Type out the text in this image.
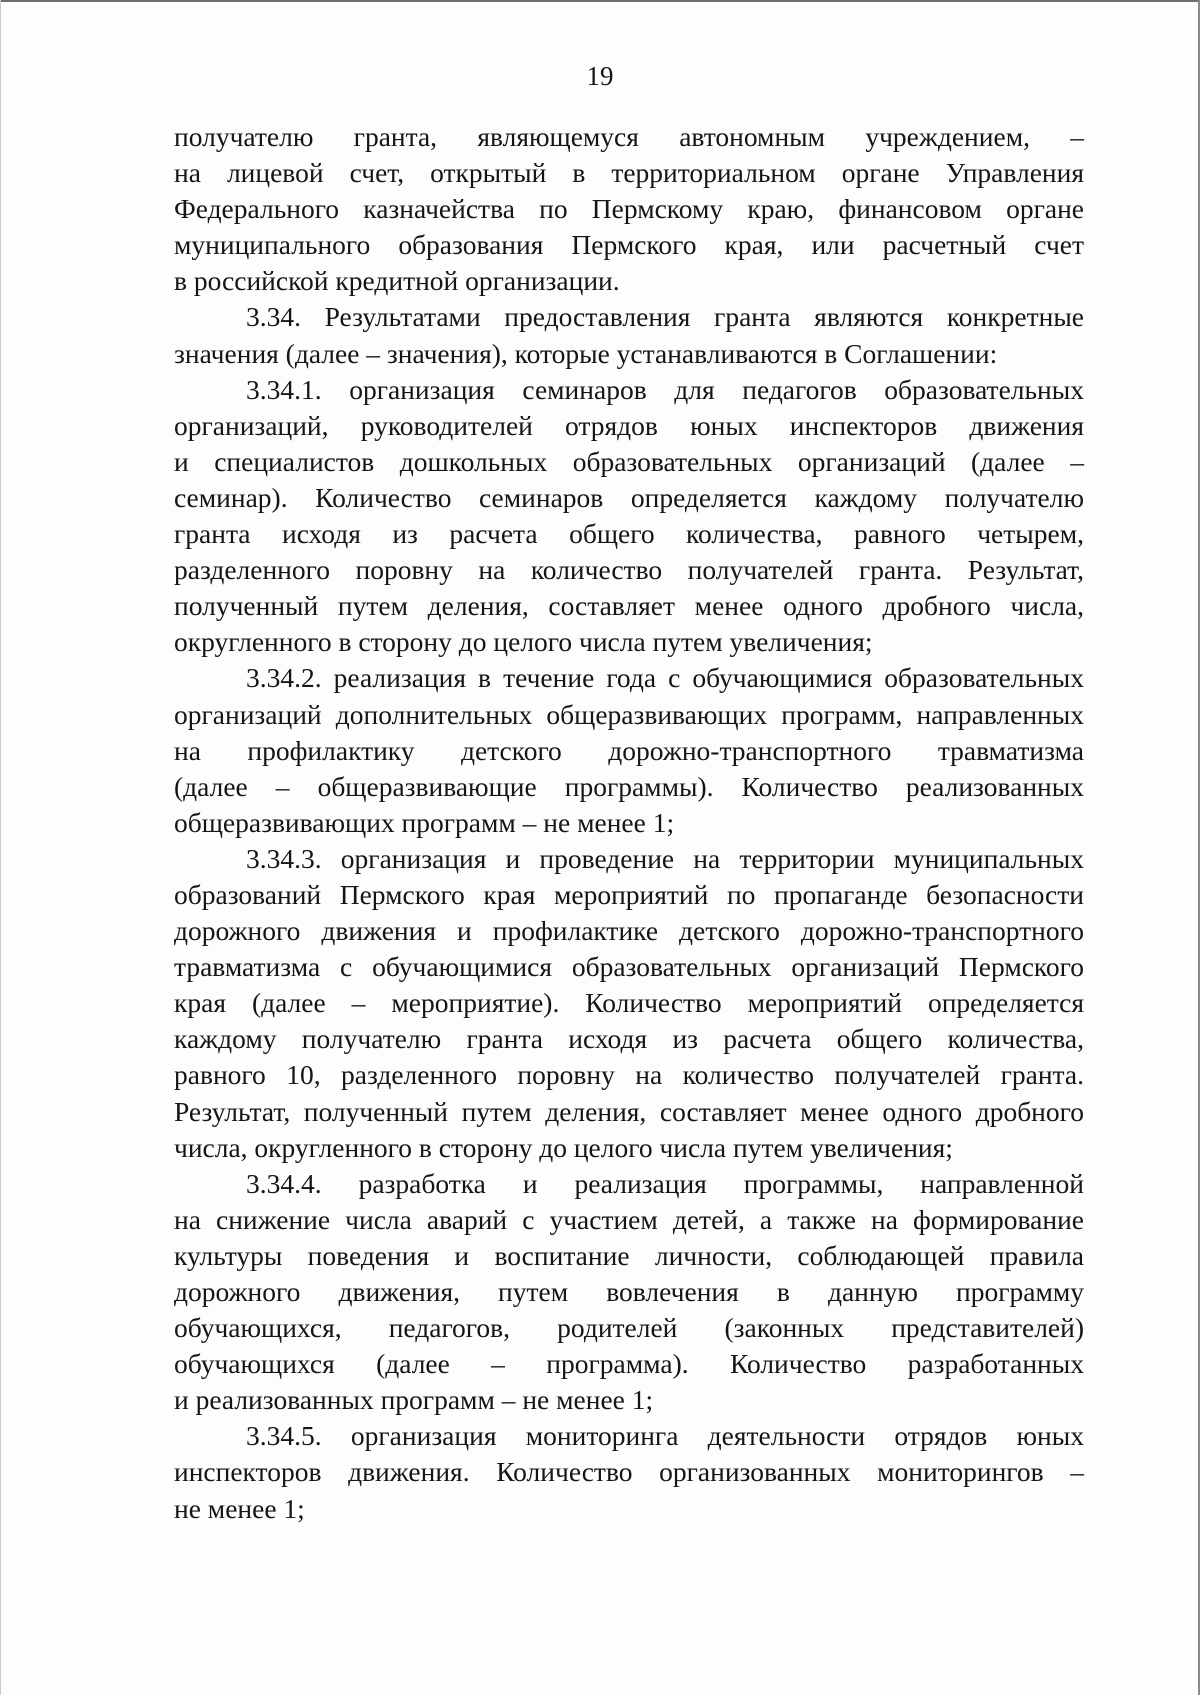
19
получателю гранта, являющемуся автономным учреждением, –
на лицевой счет, открытый в территориальном органе Управления
Федерального казначейства по Пермскому краю, финансовом органе
муниципального образования Пермского края, или расчетный счет
в российской кредитной организации.
3.34. Результатами предоставления гранта являются конкретные
значения (далее – значения), которые устанавливаются в Соглашении:
3.34.1. организация семинаров для педагогов образовательных
организаций, руководителей отрядов юных инспекторов движения
и специалистов дошкольных образовательных организаций (далее –
семинар). Количество семинаров определяется каждому получателю
гранта исходя из расчета общего количества, равного четырем,
разделенного поровну на количество получателей гранта. Результат,
полученный путем деления, составляет менее одного дробного числа,
округленного в сторону до целого числа путем увеличения;
3.34.2. реализация в течение года с обучающимися образовательных
организаций дополнительных общеразвивающих программ, направленных
на профилактику детского дорожно-транспортного травматизма
(далее – общеразвивающие программы). Количество реализованных
общеразвивающих программ – не менее 1;
3.34.3. организация и проведение на территории муниципальных
образований Пермского края мероприятий по пропаганде безопасности
дорожного движения и профилактике детского дорожно-транспортного
травматизма с обучающимися образовательных организаций Пермского
края (далее – мероприятие). Количество мероприятий определяется
каждому получателю гранта исходя из расчета общего количества,
равного 10, разделенного поровну на количество получателей гранта.
Результат, полученный путем деления, составляет менее одного дробного
числа, округленного в сторону до целого числа путем увеличения;
3.34.4. разработка и реализация программы, направленной
на снижение числа аварий с участием детей, а также на формирование
культуры поведения и воспитание личности, соблюдающей правила
дорожного движения, путем вовлечения в данную программу
обучающихся, педагогов, родителей (законных представителей)
обучающихся (далее – программа). Количество разработанных
и реализованных программ – не менее 1;
3.34.5. организация мониторинга деятельности отрядов юных
инспекторов движения. Количество организованных мониторингов –
не менее 1;
